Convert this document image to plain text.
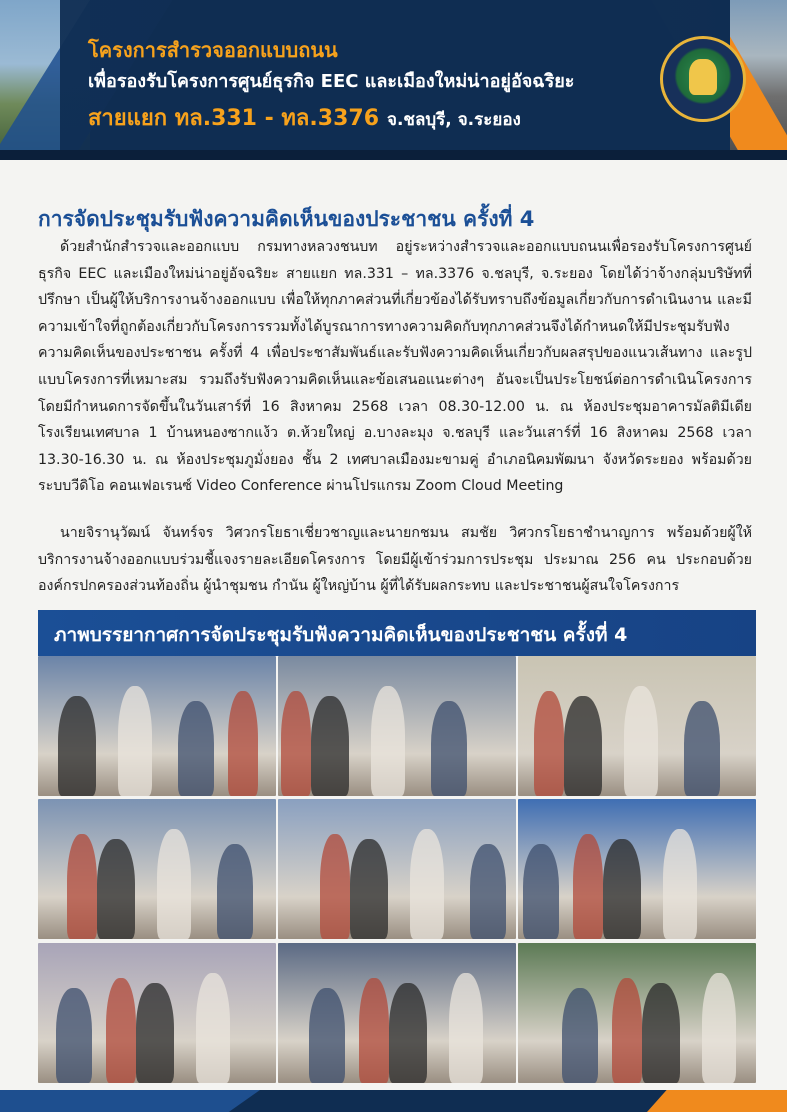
โครงการสำรวจออกแบบถนน
เพื่อรองรับโครงการศูนย์ธุรกิจ EEC และเมืองใหม่น่าอยู่อัจฉริยะ
สายแยก ทล.331 - ทล.3376 จ.ชลบุรี, จ.ระยอง
การจัดประชุมรับฟังความคิดเห็นของประชาชน ครั้งที่ 4
ด้วยสำนักสำรวจและออกแบบ กรมทางหลวงชนบท อยู่ระหว่างสำรวจและออกแบบถนนเพื่อรองรับโครงการศูนย์ธุรกิจ EEC และเมืองใหม่น่าอยู่อัจฉริยะ สายแยก ทล.331 – ทล.3376 จ.ชลบุรี, จ.ระยอง โดยได้ว่าจ้างกลุ่มบริษัทที่ปรึกษา เป็นผู้ให้บริการงานจ้างออกแบบ เพื่อให้ทุกภาคส่วนที่เกี่ยวข้องได้รับทราบถึงข้อมูลเกี่ยวกับการดำเนินงาน และมีความเข้าใจที่ถูกต้องเกี่ยวกับโครงการรวมทั้งได้บูรณาการทางความคิดกับทุกภาคส่วนจึงได้กำหนดให้มีประชุมรับฟังความคิดเห็นของประชาชน ครั้งที่ 4 เพื่อประชาสัมพันธ์และรับฟังความคิดเห็นเกี่ยวกับผลสรุปของแนวเส้นทาง และรูปแบบโครงการที่เหมาะสม รวมถึงรับฟังความคิดเห็นและข้อเสนอแนะต่างๆ อันจะเป็นประโยชน์ต่อการดำเนินโครงการ โดยมีกำหนดการจัดขึ้นในวันเสาร์ที่ 16 สิงหาคม 2568 เวลา 08.30-12.00 น. ณ ห้องประชุมอาคารมัลติมีเดีย โรงเรียนเทศบาล 1 บ้านหนองซากแง้ว ต.ห้วยใหญ่ อ.บางละมุง จ.ชลบุรี และวันเสาร์ที่ 16 สิงหาคม 2568 เวลา 13.30-16.30 น. ณ ห้องประชุมภูมั่งยอง ชั้น 2 เทศบาลเมืองมะขามคู่ อำเภอนิคมพัฒนา จังหวัดระยอง พร้อมด้วยระบบวีดิโอ คอนเฟอเรนซ์ Video Conference ผ่านโปรแกรม Zoom Cloud Meeting
นายจิรานุวัฒน์ จันทร์จร วิศวกรโยธาเชี่ยวชาญและนายกชมน สมชัย วิศวกรโยธาชำนาญการ พร้อมด้วยผู้ให้บริการงานจ้างออกแบบร่วมชี้แจงรายละเอียดโครงการ โดยมีผู้เข้าร่วมการประชุม ประมาณ 256 คน ประกอบด้วยองค์กรปกครองส่วนท้องถิ่น ผู้นำชุมชน กำนัน ผู้ใหญ่บ้าน ผู้ที่ได้รับผลกระทบ และประชาชนผู้สนใจโครงการ
ภาพบรรยากาศการจัดประชุมรับฟังความคิดเห็นของประชาชน ครั้งที่ 4
